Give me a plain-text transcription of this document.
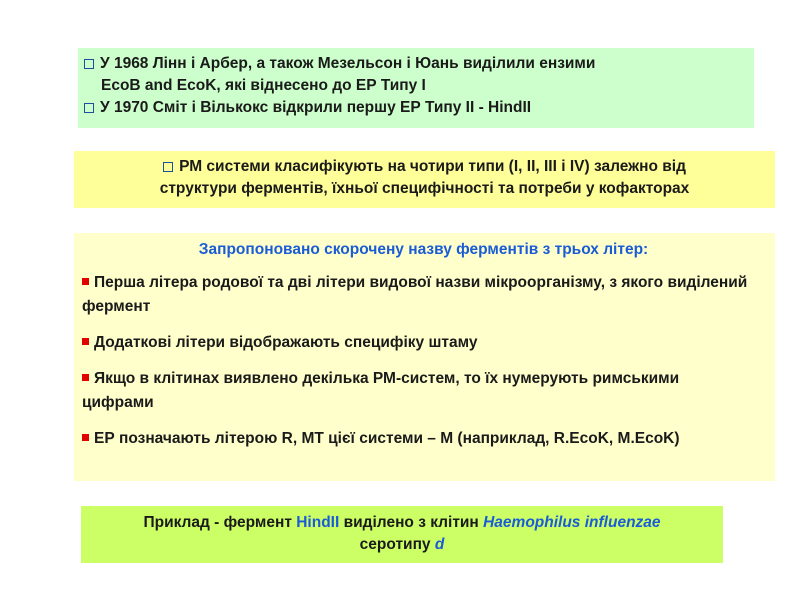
У 1968 Лінн і Арбер, а також Мезельсон і Юань виділили ензими
EcoB and EcoK, які віднесено до ЕР Типу І
У 1970 Сміт і Вількокс відкрили першу ЕР Типу ІІ - HindII
РМ системи класифікують на чотири типи (І, ІІ, ІІІ і IV) залежно від
структури ферментів, їхньої специфічності та потреби у кофакторах
Запропоновано скорочену назву ферментів з трьох літер:
Перша літера родової та дві літери видової назви мікроорганізму, з якого виділений фермент
Додаткові літери відображають специфіку штаму
Якщо в клітинах виявлено декілька РМ-систем, то їх нумерують римськими цифрами
ЕР позначають літерою R, МТ цієї системи – М (наприклад, R.EcoK, M.EcoK)
Приклад - фермент HindII виділено з клітин Haemophilus influenzae
серотипу d
